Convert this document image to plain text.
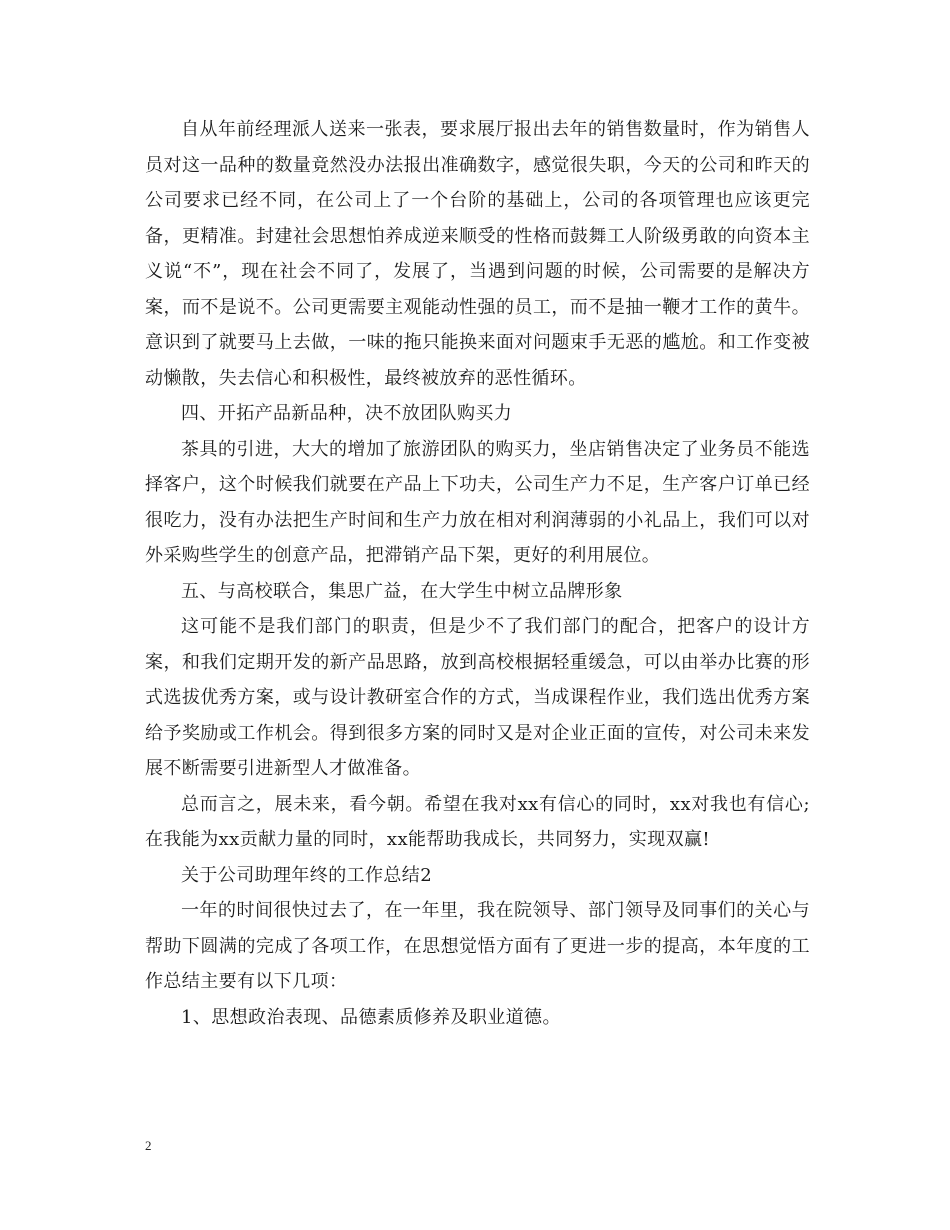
自从年前经理派人送来一张表，要求展厅报出去年的销售数量时，作为销售人员对这一品种的数量竟然没办法报出准确数字，感觉很失职，今天的公司和昨天的公司要求已经不同，在公司上了一个台阶的基础上，公司的各项管理也应该更完备，更精准。封建社会思想怕养成逆来顺受的性格而鼓舞工人阶级勇敢的向资本主义说“不”，现在社会不同了，发展了，当遇到问题的时候，公司需要的是解决方案，而不是说不。公司更需要主观能动性强的员工，而不是抽一鞭才工作的黄牛。意识到了就要马上去做，一味的拖只能换来面对问题束手无恶的尴尬。和工作变被动懒散，失去信心和积极性，最终被放弃的恶性循环。

四、开拓产品新品种，决不放团队购买力

茶具的引进，大大的增加了旅游团队的购买力，坐店销售决定了业务员不能选择客户，这个时候我们就要在产品上下功夫，公司生产力不足，生产客户订单已经很吃力，没有办法把生产时间和生产力放在相对利润薄弱的小礼品上，我们可以对外采购些学生的创意产品，把滞销产品下架，更好的利用展位。

五、与高校联合，集思广益，在大学生中树立品牌形象

这可能不是我们部门的职责，但是少不了我们部门的配合，把客户的设计方案，和我们定期开发的新产品思路，放到高校根据轻重缓急，可以由举办比赛的形式选拔优秀方案，或与设计教研室合作的方式，当成课程作业，我们选出优秀方案给予奖励或工作机会。得到很多方案的同时又是对企业正面的宣传，对公司未来发展不断需要引进新型人才做准备。

总而言之，展未来，看今朝。希望在我对xx有信心的同时，xx对我也有信心;在我能为xx贡献力量的同时，xx能帮助我成长，共同努力，实现双赢!

关于公司助理年终的工作总结2

一年的时间很快过去了，在一年里，我在院领导、部门领导及同事们的关心与帮助下圆满的完成了各项工作，在思想觉悟方面有了更进一步的提高，本年度的工作总结主要有以下几项：

1、思想政治表现、品德素质修养及职业道德。

2
